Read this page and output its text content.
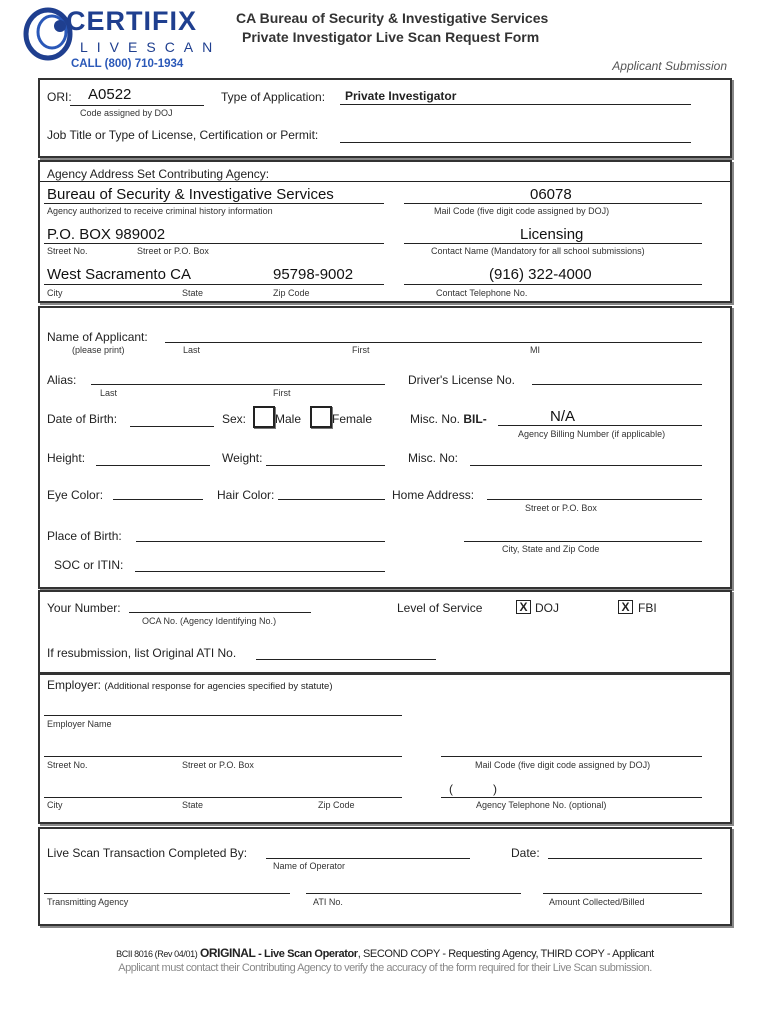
CERTIFIX
LIVESCAN
CALL (800) 710-1934
CA Bureau of Security & Investigative Services
Private Investigator Live Scan Request Form
Applicant Submission
ORI: A0522
Code assigned by DOJ
Type of Application: Private Investigator
Job Title or Type of License, Certification or Permit:
Agency Address Set Contributing Agency:
Bureau of Security & Investigative Services
Agency authorized to receive criminal history information
06078
Mail Code (five digit code assigned by DOJ)
P.O. BOX 989002
Street No.	Street or P.O. Box
Licensing
Contact Name (Mandatory for all school submissions)
West Sacramento CA	95798-9002
City	State	Zip Code
(916) 322-4000
Contact Telephone No.
Name of Applicant:
(please print)	Last	First	MI
Alias:
Last	First
Driver's License No.
Date of Birth:	Sex: Male	Female	Misc. No. BIL-	N/A
Agency Billing Number (if applicable)
Height:	Weight:	Misc. No:
Eye Color:	Hair Color:	Home Address:
Street or P.O. Box
Place of Birth:
City, State and Zip Code
SOC or ITIN:
Your Number:
OCA No. (Agency Identifying No.)
Level of Service	X DOJ	X FBI
If resubmission, list Original ATI No.
Employer: (Additional response for agencies specified by statute)
Employer Name
Street No.	Street or P.O. Box	Mail Code (five digit code assigned by DOJ)
City	State	Zip Code
(	)
Agency Telephone No. (optional)
Live Scan Transaction Completed By:
Name of Operator
Date:
Transmitting Agency	ATI No.	Amount Collected/Billed
BCII 8016 (Rev 04/01) ORIGINAL - Live Scan Operator, SECOND COPY - Requesting Agency, THIRD COPY - Applicant
Applicant must contact their Contributing Agency to verify the accuracy of the form required for their Live Scan submission.
